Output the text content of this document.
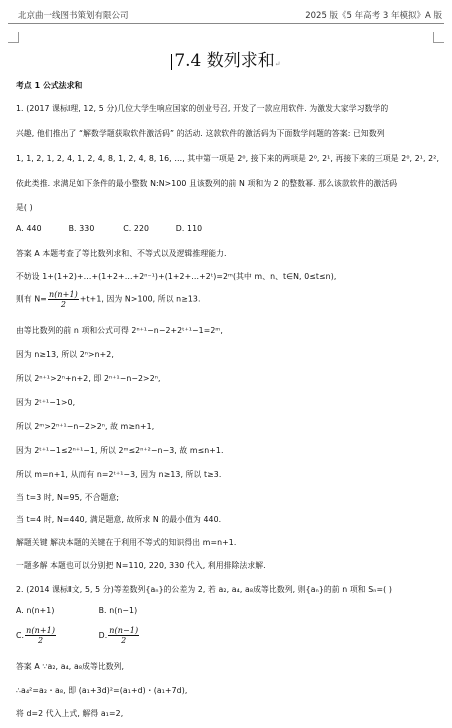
北京曲一线图书策划有限公司	2025 版《5 年高考 3 年模拟》A 版
7.4 数列求和↵
考点 1 公式法求和
1. (2017 课标Ⅰ理, 12, 5 分)几位大学生响应国家的创业号召, 开发了一款应用软件. 为激发大家学习数学的
兴趣, 他们推出了 “解数学题获取软件激活码” 的活动. 这款软件的激活码为下面数学问题的答案: 已知数列
1, 1, 2, 1, 2, 4, 1, 2, 4, 8, 1, 2, 4, 8, 16, …, 其中第一项是 2⁰, 接下来的两项是 2⁰, 2¹, 再接下来的三项是 2⁰, 2¹, 2²,
依此类推. 求满足如下条件的最小整数 N:N>100 且该数列的前 N 项和为 2 的整数幂. 那么该款软件的激活码
是( )
A. 440	B. 330	C. 220	D. 110
答案 A 本题考查了等比数列求和、不等式以及逻辑推理能力.
不妨设 1+(1+2)+…+(1+2+…+2ⁿ⁻¹)+(1+2+…+2ᵗ)=2ᵐ(其中 m、n、t∈N, 0≤t≤n),
则有 $N= \frac{n(n+1)}{2} +t+1$, 因为 N>100, 所以 n≥13.
由等比数列的前 n 项和公式可得 2ⁿ⁺¹−n−2+2ᵗ⁺¹−1=2ᵐ,
因为 n≥13, 所以 2ⁿ>n+2,
所以 2ⁿ⁺¹>2ⁿ+n+2, 即 2ⁿ⁺¹−n−2>2ⁿ,
因为 2ᵗ⁺¹−1>0,
所以 2ᵐ>2ⁿ⁺¹−n−2>2ⁿ, 故 m≥n+1,
因为 2ᵗ⁺¹−1≤2ⁿ⁺¹−1, 所以 2ᵐ≤2ⁿ⁺²−n−3, 故 m≤n+1.
所以 m=n+1, 从而有 n=2ᵗ⁺¹−3, 因为 n≥13, 所以 t≥3.
当 t=3 时, N=95, 不合题意;
当 t=4 时, N=440, 满足题意, 故所求 N 的最小值为 440.
解题关键 解决本题的关键在于利用不等式的知识得出 m=n+1.
一题多解 本题也可以分别把 N=110, 220, 330 代入, 利用排除法求解.
2. (2014 课标Ⅱ文, 5, 5 分)等差数列{aₙ}的公差为 2, 若 a₂, a₄, a₈成等比数列, 则{aₙ}的前 n 项和 Sₙ=( )
A. n(n+1)	B. n(n−1)
C. $\frac{n(n+1)}{2}$	D. $\frac{n(n-1)}{2}$
答案 A ∵a₂, a₄, a₈成等比数列,
∴a₄²=a₂・a₈, 即 (a₁+3d)²=(a₁+d)・(a₁+7d),
将 d=2 代入上式, 解得 a₁=2,
